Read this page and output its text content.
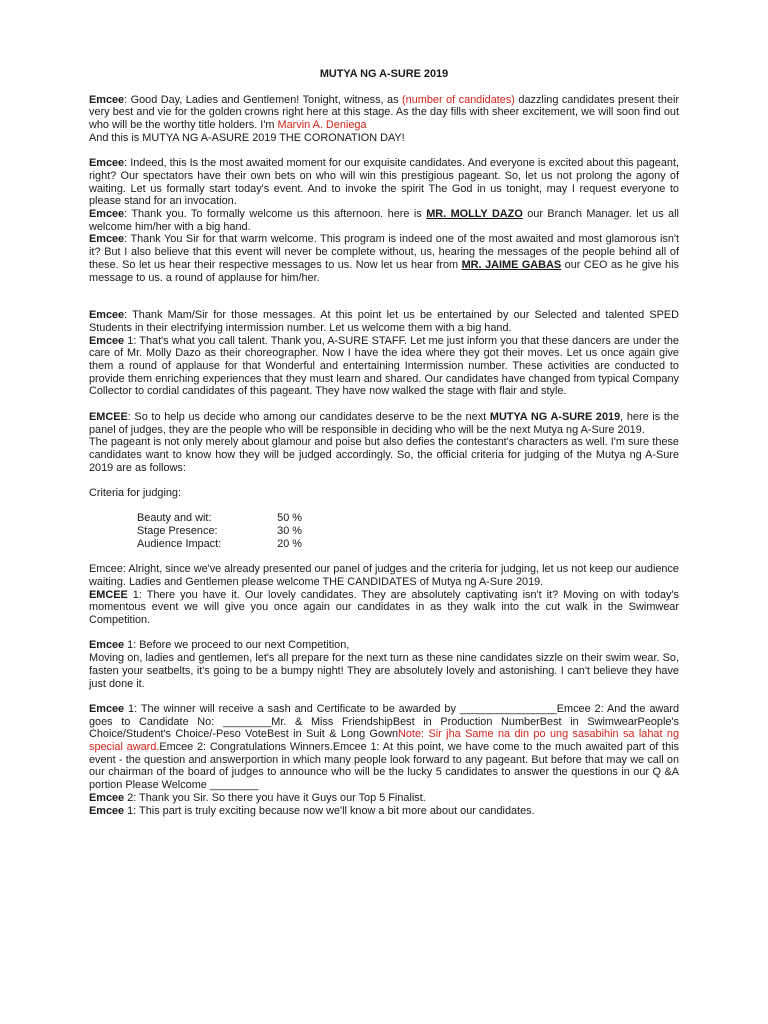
MUTYA NG A-SURE 2019

Emcee: Good Day, Ladies and Gentlemen! Tonight, witness, as (number of candidates) dazzling candidates present their very best and vie for the golden crowns right here at this stage. As the day fills with sheer excitement, we will soon find out who will be the worthy title holders. I'm Marvin A. Deniega

And this is MUTYA NG A-ASURE 2019 THE CORONATION DAY!

Emcee: Indeed, this Is the most awaited moment for our exquisite candidates. And everyone is excited about this pageant, right? Our spectators have their own bets on who will win this prestigious pageant. So, let us not prolong the agony of waiting. Let us formally start today's event. And to invoke the spirit The God in us tonight, may I request everyone to please stand for an invocation.

Emcee: Thank you. To formally welcome us this afternoon. here is MR. MOLLY DAZO our Branch Manager. let us all welcome him/her with a big hand.

Emcee: Thank You Sir for that warm welcome. This program is indeed one of the most awaited and most glamorous isn't it? But I also believe that this event will never be complete without, us, hearing the messages of the people behind all of these. So let us hear their respective messages to us. Now let us hear from MR. JAIME GABAS our CEO as he give his message to us. a round of applause for him/her.

Emcee: Thank Mam/Sir for those messages. At this point let us be entertained by our Selected and talented SPED Students in their electrifying intermission number. Let us welcome them with a big hand.

Emcee 1: That's what you call talent. Thank you, A-SURE STAFF. Let me just inform you that these dancers are under the care of Mr. Molly Dazo as their choreographer. Now I have the idea where they got their moves. Let us once again give them a round of applause for that Wonderful and entertaining Intermission number. These activities are conducted to provide them enriching experiences that they must learn and shared. Our candidates have changed from typical Company Collector to cordial candidates of this pageant. They have now walked the stage with flair and style.

EMCEE: So to help us decide who among our candidates deserve to be the next MUTYA NG A-SURE 2019, here is the panel of judges, they are the people who will be responsible in deciding who will be the next Mutya ng A-Sure 2019.

The pageant is not only merely about glamour and poise but also defies the contestant's characters as well. I'm sure these candidates want to know how they will be judged accordingly. So, the official criteria for judging of the Mutya ng A-Sure 2019 are as follows:

Criteria for judging:

Beauty and wit:	50 %
Stage Presence:	30 %
Audience Impact:	20 %

Emcee: Alright, since we've already presented our panel of judges and the criteria for judging, let us not keep our audience waiting. Ladies and Gentlemen please welcome THE CANDIDATES of Mutya ng A-Sure 2019.

EMCEE 1: There you have it. Our lovely candidates. They are absolutely captivating isn't it? Moving on with today's momentous event we will give you once again our candidates in as they walk into the cut walk in the Swimwear Competition.

Emcee 1: Before we proceed to our next Competition,

Moving on, ladies and gentlemen, let's all prepare for the next turn as these nine candidates sizzle on their swim wear. So, fasten your seatbelts, it's going to be a bumpy night! They are absolutely lovely and astonishing. I can't believe they have just done it.

Emcee 1: The winner will receive a sash and Certificate to be awarded by ________________Emcee 2: And the award goes to Candidate No: ________Mr. & Miss FriendshipBest in Production NumberBest in SwimwearPeople's Choice/Student's Choice/-Peso VoteBest in Suit & Long GownNote: Sir jha Same na din po ung sasabihin sa lahat ng special award.Emcee 2: Congratulations Winners.Emcee 1: At this point, we have come to the much awaited part of this event - the question and answerportion in which many people look forward to any pageant. But before that may we call on our chairman of the board of judges to announce who will be the lucky 5 candidates to answer the questions in our Q &A portion Please Welcome ________

Emcee 2: Thank you Sir. So there you have it Guys our Top 5 Finalist.

Emcee 1: This part is truly exciting because now we'll know a bit more about our candidates.
